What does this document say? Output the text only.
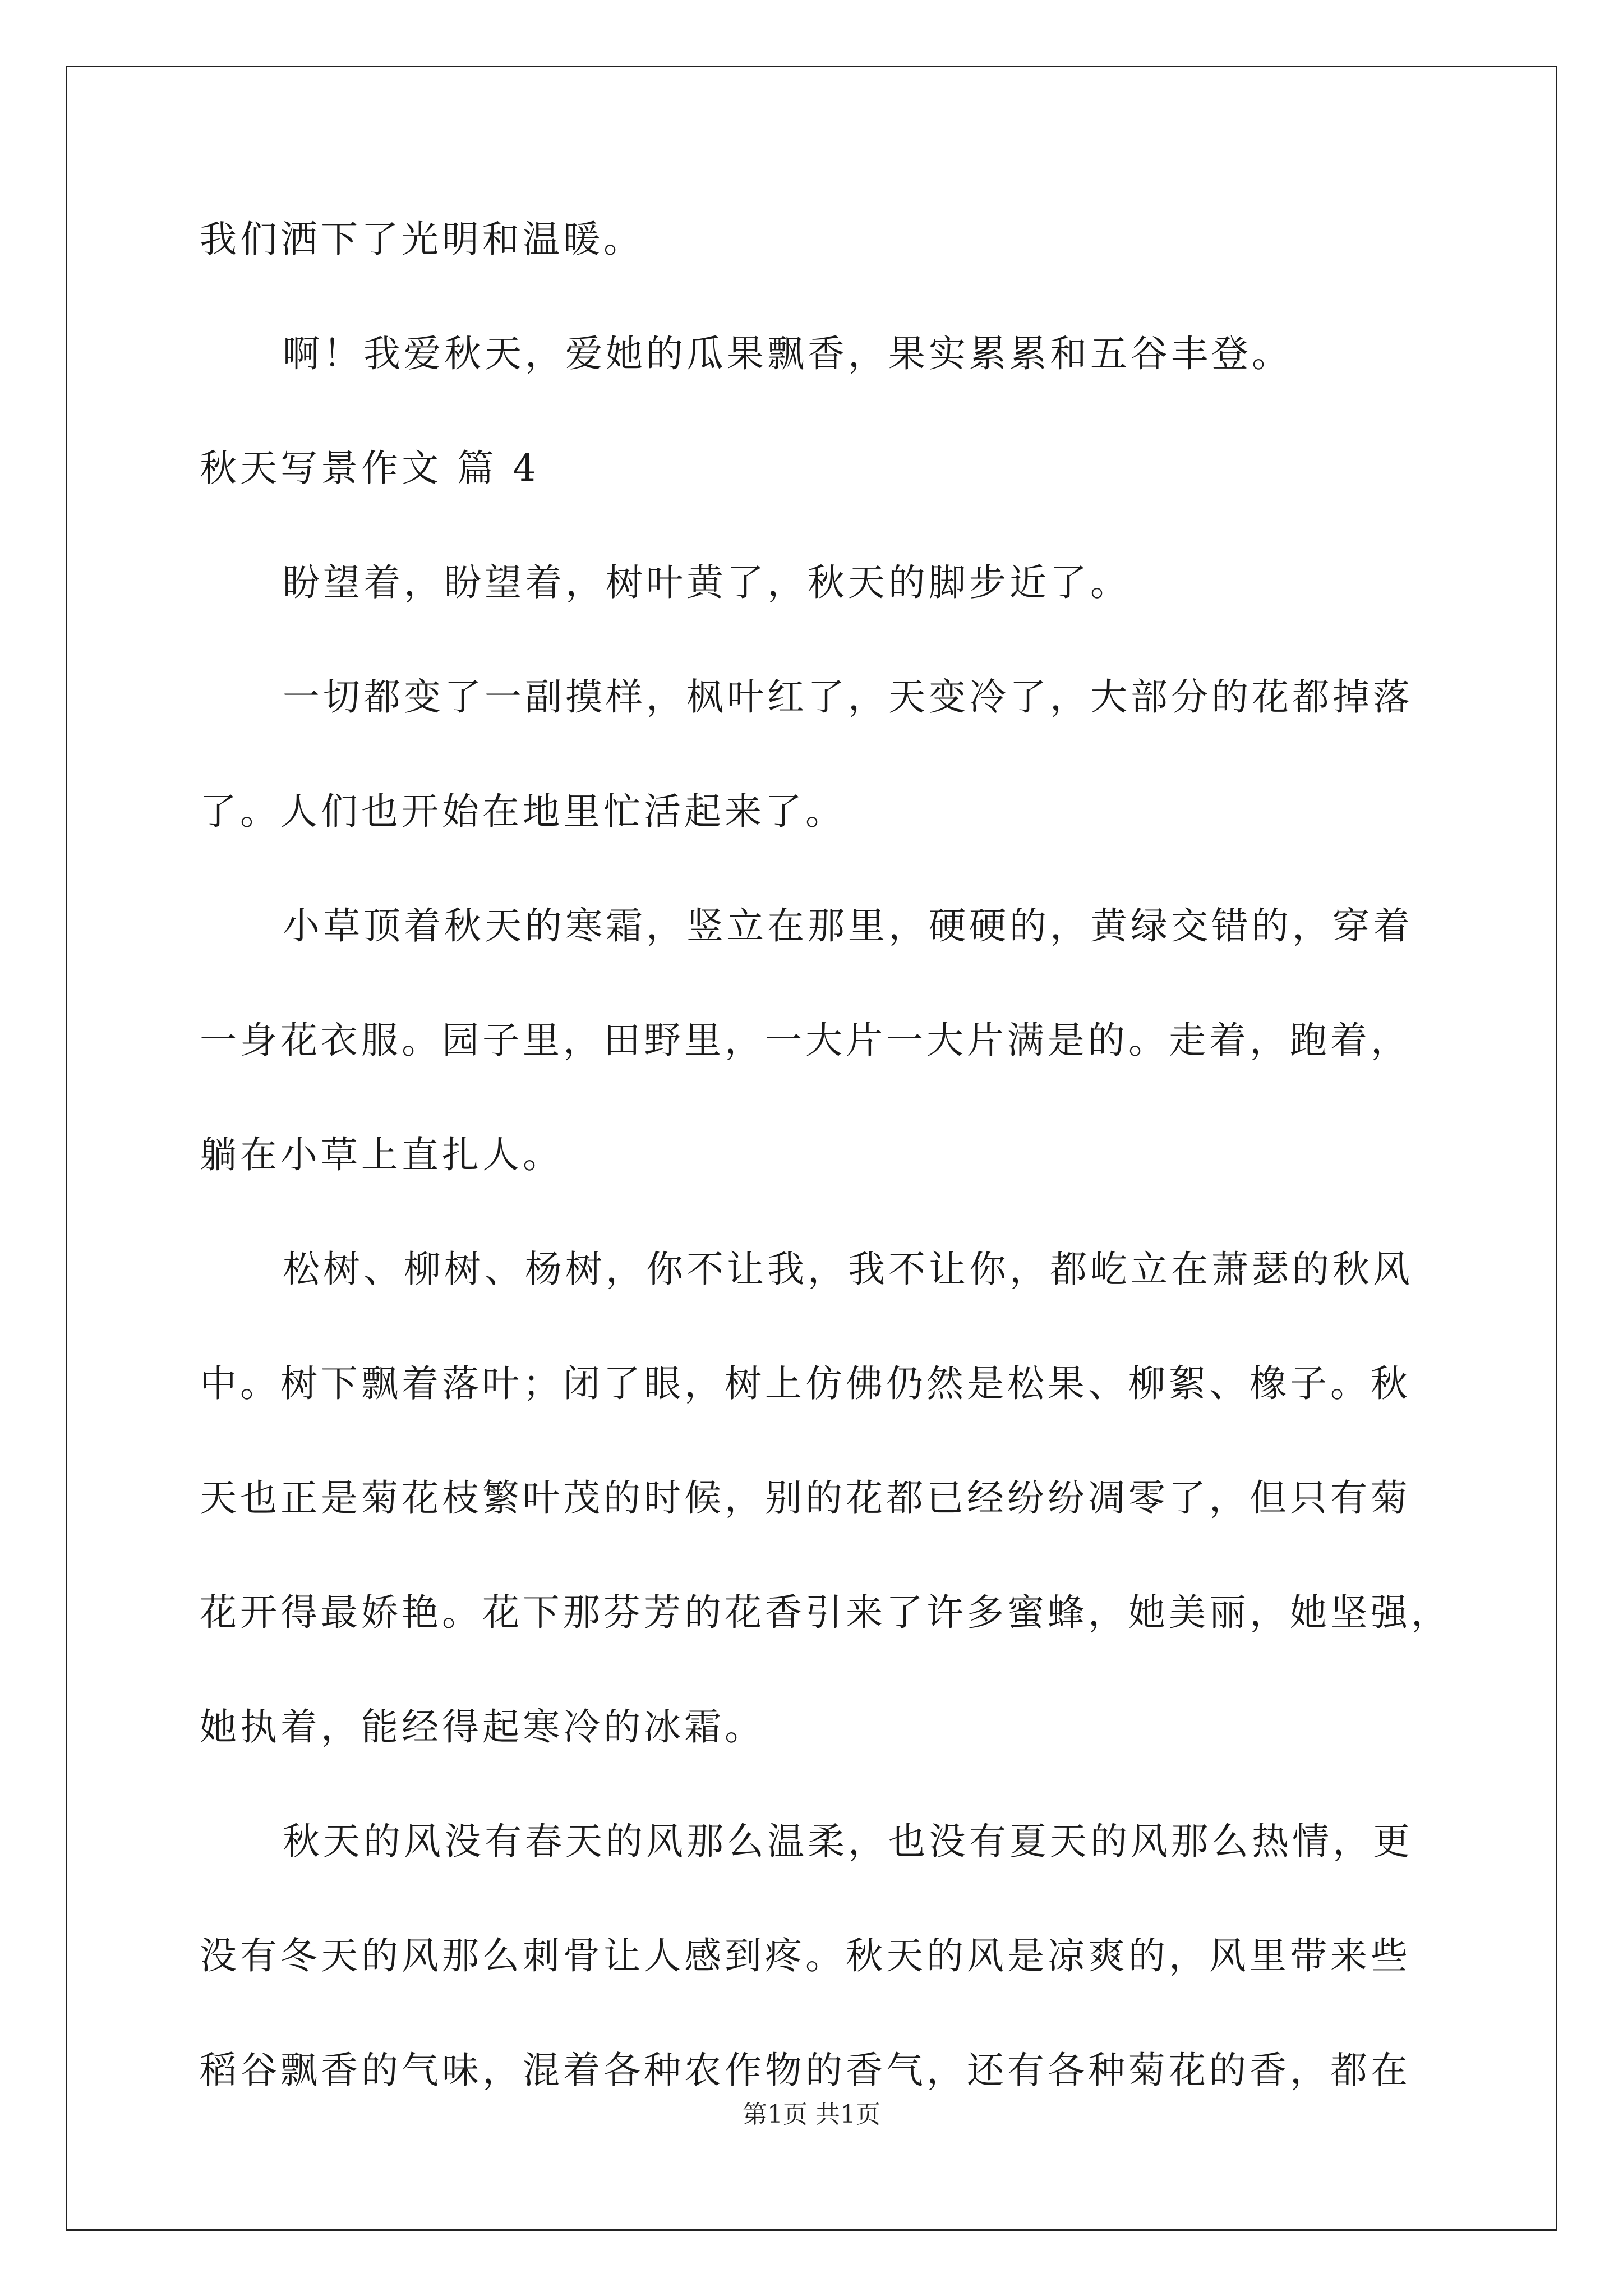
我们洒下了光明和温暖。
啊！我爱秋天，爱她的瓜果飘香，果实累累和五谷丰登。
秋天写景作文 篇 4
盼望着，盼望着，树叶黄了，秋天的脚步近了。
一切都变了一副摸样，枫叶红了，天变冷了，大部分的花都掉落
了。人们也开始在地里忙活起来了。
小草顶着秋天的寒霜，竖立在那里，硬硬的，黄绿交错的，穿着
一身花衣服。园子里，田野里，一大片一大片满是的。走着，跑着，
躺在小草上直扎人。
松树、柳树、杨树，你不让我，我不让你，都屹立在萧瑟的秋风
中。树下飘着落叶；闭了眼，树上仿佛仍然是松果、柳絮、橡子。秋
天也正是菊花枝繁叶茂的时候，别的花都已经纷纷凋零了，但只有菊
花开得最娇艳。花下那芬芳的花香引来了许多蜜蜂，她美丽，她坚强，
她执着，能经得起寒冷的冰霜。
秋天的风没有春天的风那么温柔，也没有夏天的风那么热情，更
没有冬天的风那么刺骨让人感到疼。秋天的风是凉爽的，风里带来些
稻谷飘香的气味，混着各种农作物的香气，还有各种菊花的香，都在
第1页 共1页
